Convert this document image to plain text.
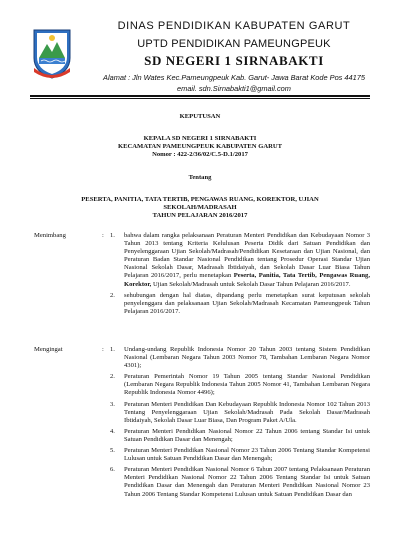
DINAS PENDIDIKAN KABUPATEN GARUT
UPTD PENDIDIKAN PAMEUNGPEUK
SD NEGERI 1 SIRNABAKTI
Alamat : Jln Wates Kec.Pameungpeuk Kab. Garut- Jawa Barat Kode Pos 44175
email. sdn.Sirnabakti1@gmail.com
KEPUTUSAN
KEPALA SD NEGERI 1 SIRNABAKTI
KECAMATAN PAMEUNGPEUK KABUPATEN GARUT
Nomor : 422-2/36/02/C.5-D.1/2017
Tentang
PESERTA, PANITIA, TATA TERTIB, PENGAWAS RUANG, KOREKTOR, UJIAN
SEKOLAH/MADRASAH
TAHUN PELAJARAN 2016/2017
Menimbang	: 1.	bahwa dalam rangka pelaksanaan Peraturan Menteri Pendidikan dan Kebudayaan Nomor 3 Tahun 2013 tentang Kriteria Kelulusan Peserta Didik dari Satuan Pendidikan dan Penyelenggaraan Ujian Sekolah/Madrasah/Pendidikan Kesetaraan dan Ujian Nasional, dan Peraturan Badan Standar Nasional Pendidikan tentang Prosedur Operasi Standar Ujian Nasional Sekolah Dasar, Madrasah Ibtidaiyah, dan Sekolah Dasar Luar Biasa Tahun Pelajaran 2016/2017, perlu menetapkan Peserta, Panitia, Tata Tertib, Pengawas Ruang, Korektor, Ujian Sekolah/Madrasah untuk Sekolah Dasar Tahun Pelajaran 2016/2017.
2.	sehubungan dengan hal diatas, dipandang perlu menetapkan surat keputusan sekolah penyelenggara dan pelaksanaan Ujian Sekolah/Madrasah Kecamatan Pameungpeuk Tahun Pelajaran 2016/2017.
Mengingat	: 1.	Undang-undang Republik Indonesia Nomor 20 Tahun 2003 tentang Sistem Pendidikan Nasional (Lembaran Negara Tahun 2003 Nomor 78, Tambahan Lembaran Negara Nomor 4301);
2.	Peraturan Pemerintah Nomor 19 Tahun 2005 tentang Standar Nasional Pendidikan (Lembaran Negara Republik Indonesia Tahun 2005 Nomor 41, Tambahan Lembaran Negara Republik Indonesia Nomor 4496);
3.	Peraturan Menteri Pendidikan Dan Kebudayaan Republik Indonesia Nomor 102 Tahun 2013 Tentang Penyelenggaraan Ujian Sekolah/Madrasah Pada Sekolah Dasar/Madrasah Ibtidaiyah, Sekolah Dasar Luar Biasa, Dan Program Paket A/Ula.
4.	Peraturan Menteri Pendidikan Nasional Nomor 22 Tahun 2006 tentang Standar Isi untuk Satuan Pendidikan Dasar dan Menengah;
5.	Peraturan Menteri Pendidikan Nasional Nomor 23 Tahun 2006 Tentang Standar Kompetensi Lulusan untuk Satuan Pendidikan Dasar dan Menengah;
6.	Peraturan Menteri Pendidikan Nasional Nomor 6 Tahun 2007 tentang Pelaksanaan Peraturan Menteri Pendidikan Nasional Nomor 22 Tahun 2006 Tentang Standar Isi untuk Satuan Pendidikan Dasar dan Menengah dan Peraturan Menteri Pendidikan Nasional Nomor 23 Tahun 2006 Tentang Standar Kompetensi Lulusan untuk Satuan Pendidikan Dasar dan
